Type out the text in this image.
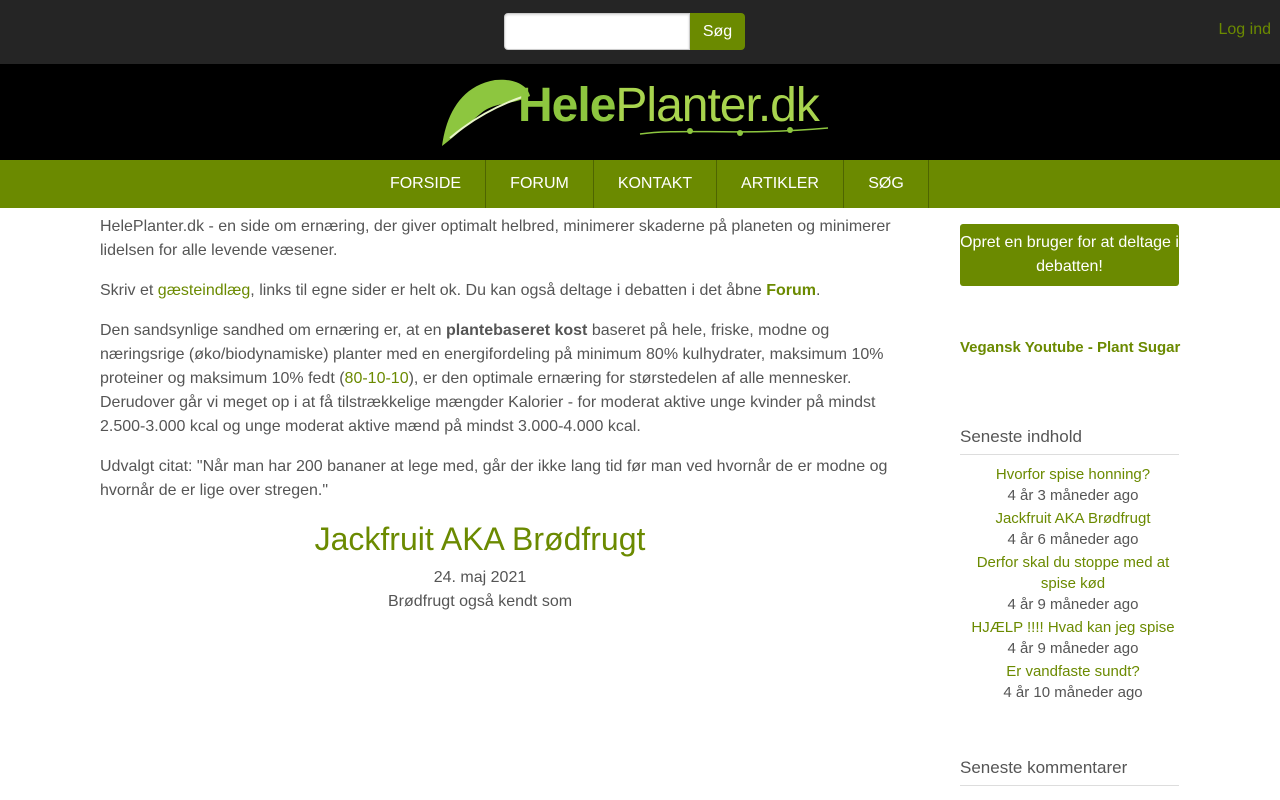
Søg	Log ind
HelePlanter.dk
FORSIDE	FORUM	KONTAKT	ARTIKLER	SØG

HelePlanter.dk - en side om ernæring, der giver optimalt helbred, minimerer skaderne på planeten og minimerer lidelsen for alle levende væsener.

Skriv et gæsteindlæg, links til egne sider er helt ok. Du kan også deltage i debatten i det åbne Forum.

Den sandsynlige sandhed om ernæring er, at en plantebaseret kost baseret på hele, friske, modne og næringsrige (øko/biodynamiske) planter med en energifordeling på minimum 80% kulhydrater, maksimum 10% proteiner og maksimum 10% fedt (80-10-10), er den optimale ernæring for størstedelen af alle mennesker. Derudover går vi meget op i at få tilstrækkelige mængder Kalorier - for moderat aktive unge kvinder på mindst 2.500-3.000 kcal og unge moderat aktive mænd på mindst 3.000-4.000 kcal.

Udvalgt citat: "Når man har 200 bananer at lege med, går der ikke lang tid før man ved hvornår de er modne og hvornår de er lige over stregen."

Jackfruit AKA Brødfrugt
24. maj 2021
Brødfrugt også kendt som
Opret en bruger for at deltage i debatten!
Vegansk Youtube - Plant Sugar
Seneste indhold
Hvorfor spise honning?
4 år 3 måneder ago
Jackfruit AKA Brødfrugt
4 år 6 måneder ago
Derfor skal du stoppe med at spise kød
4 år 9 måneder ago
HJÆLP !!!! Hvad kan jeg spise
4 år 9 måneder ago
Er vandfaste sundt?
4 år 10 måneder ago
Seneste kommentarer
